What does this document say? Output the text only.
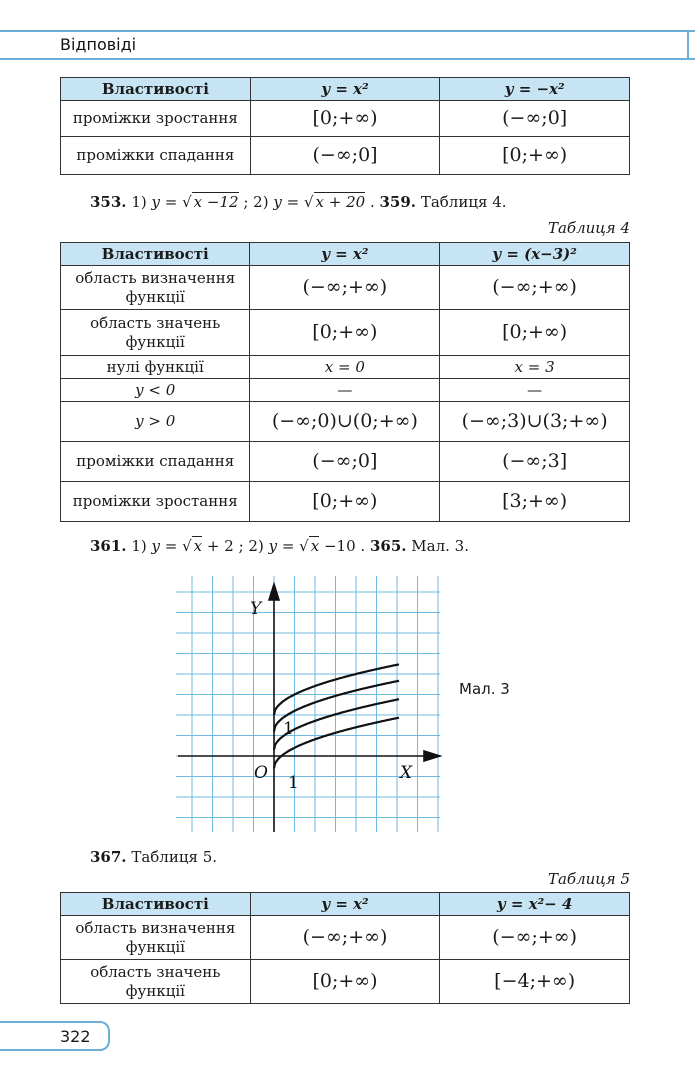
Відповіді
Властивості	y = x²	y = −x²
проміжки зростання	[0;+∞)	(−∞;0]
проміжки спадання	(−∞;0]	[0;+∞)
353. 1) y = √ x −12 ; 2) y = √ x + 20 . 359. Таблиця 4.
Таблиця 4
Властивості	y = x²	y = (x−3)²
область визначення функції	(−∞;+∞)	(−∞;+∞)
область значень функції	[0;+∞)	[0;+∞)
нулі функції	x = 0	x = 3
y < 0	—	—
y > 0	(−∞;0)∪(0;+∞)	(−∞;3)∪(3;+∞)
проміжки спадання	(−∞;0]	(−∞;3]
проміжки зростання	[0;+∞)	[3;+∞)
361. 1) y = √ x + 2 ; 2) y = √ x −10 . 365. Мал. 3.
Y
X
O 1
1
Мал. 3
367. Таблиця 5.
Таблиця 5
Властивості	y = x²	y = x²− 4
область визначення функції	(−∞;+∞)	(−∞;+∞)
область значень функції	[0;+∞)	[−4;+∞)
322
